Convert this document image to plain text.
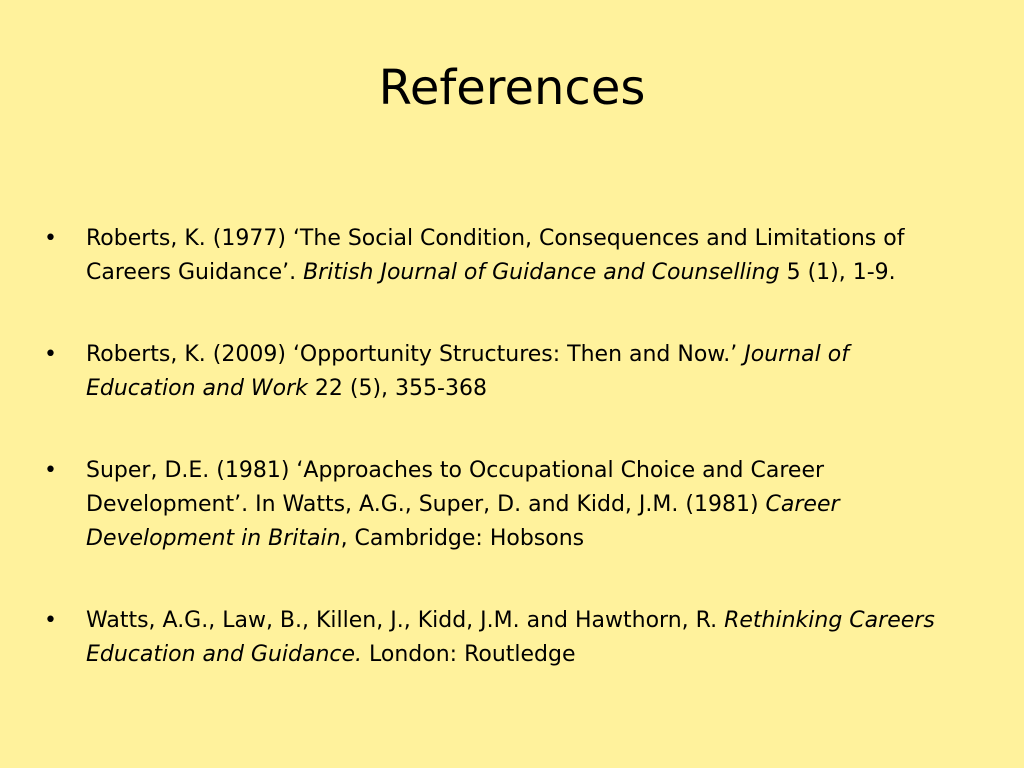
References
• Roberts, K. (1977) ‘The Social Condition, Consequences and Limitations of Careers Guidance’. British Journal of Guidance and Counselling 5 (1), 1-9.
• Roberts, K. (2009) ‘Opportunity Structures: Then and Now.’ Journal of Education and Work 22 (5), 355-368
• Super, D.E. (1981) ‘Approaches to Occupational Choice and Career Development’. In Watts, A.G., Super, D. and Kidd, J.M. (1981) Career Development in Britain, Cambridge: Hobsons
• Watts, A.G., Law, B., Killen, J., Kidd, J.M. and Hawthorn, R. Rethinking Careers Education and Guidance. London: Routledge
